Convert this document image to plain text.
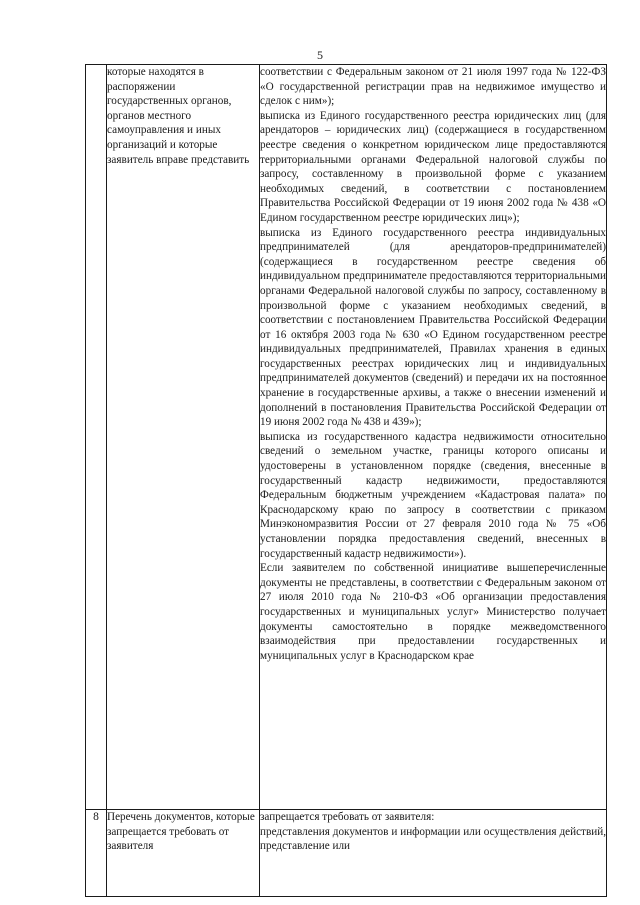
5
	которые находятся в распоряжении государственных органов, органов местного самоуправления и иных организаций и которые заявитель вправе представить	соответствии с Федеральным законом от 21 июля 1997 года № 122-ФЗ «О государственной регистрации прав на недвижимое имущество и сделок с ним»);

выписка из Единого государственного реестра юридических лиц (для арендаторов – юридических лиц) (содержащиеся в государственном реестре сведения о конкретном юридическом лице предоставляются территориальными органами Федеральной налоговой службы по запросу, составленному в произвольной форме с указанием необходимых сведений, в соответствии с постановлением Правительства Российской Федерации от 19 июня 2002 года № 438 «О Едином государственном реестре юридических лиц»);

выписка из Единого государственного реестра индивидуальных предпринимателей (для арендаторов-предпринимателей) (содержащиеся в государственном реестре сведения об индивидуальном предпринимателе предоставляются территориальными органами Федеральной налоговой службы по запросу, составленному в произвольной форме с указанием необходимых сведений, в соответствии с постановлением Правительства Российской Федерации от 16 октября 2003 года № 630 «О Едином государственном реестре индивидуальных предпринимателей, Правилах хранения в единых государственных реестрах юридических лиц и индивидуальных предпринимателей документов (сведений) и передачи их на постоянное хранение в государственные архивы, а также о внесении изменений и дополнений в постановления Правительства Российской Федерации от 19 июня 2002 года № 438 и 439»);

выписка из государственного кадастра недвижимости относительно сведений о земельном участке, границы которого описаны и удостоверены в установленном порядке (сведения, внесенные в государственный кадастр недвижимости, предоставляются Федеральным бюджетным учреждением «Кадастровая палата» по Краснодарскому краю по запросу в соответствии с приказом Минэкономразвития России от 27 февраля 2010 года № 75 «Об установлении порядка предоставления сведений, внесенных в государственный кадастр недвижимости»).

Если заявителем по собственной инициативе вышеперечисленные документы не представлены, в соответствии с Федеральным законом от 27 июля 2010 года № 210-ФЗ «Об организации предоставления государственных и муниципальных услуг» Министерство получает документы самостоятельно в порядке межведомственного взаимодействия при предоставлении государственных и муниципальных услуг в Краснодарском крае

8	Перечень документов, которые запрещается требовать от заявителя	запрещается требовать от заявителя:

представления документов и информации или осуществления действий, представление или
